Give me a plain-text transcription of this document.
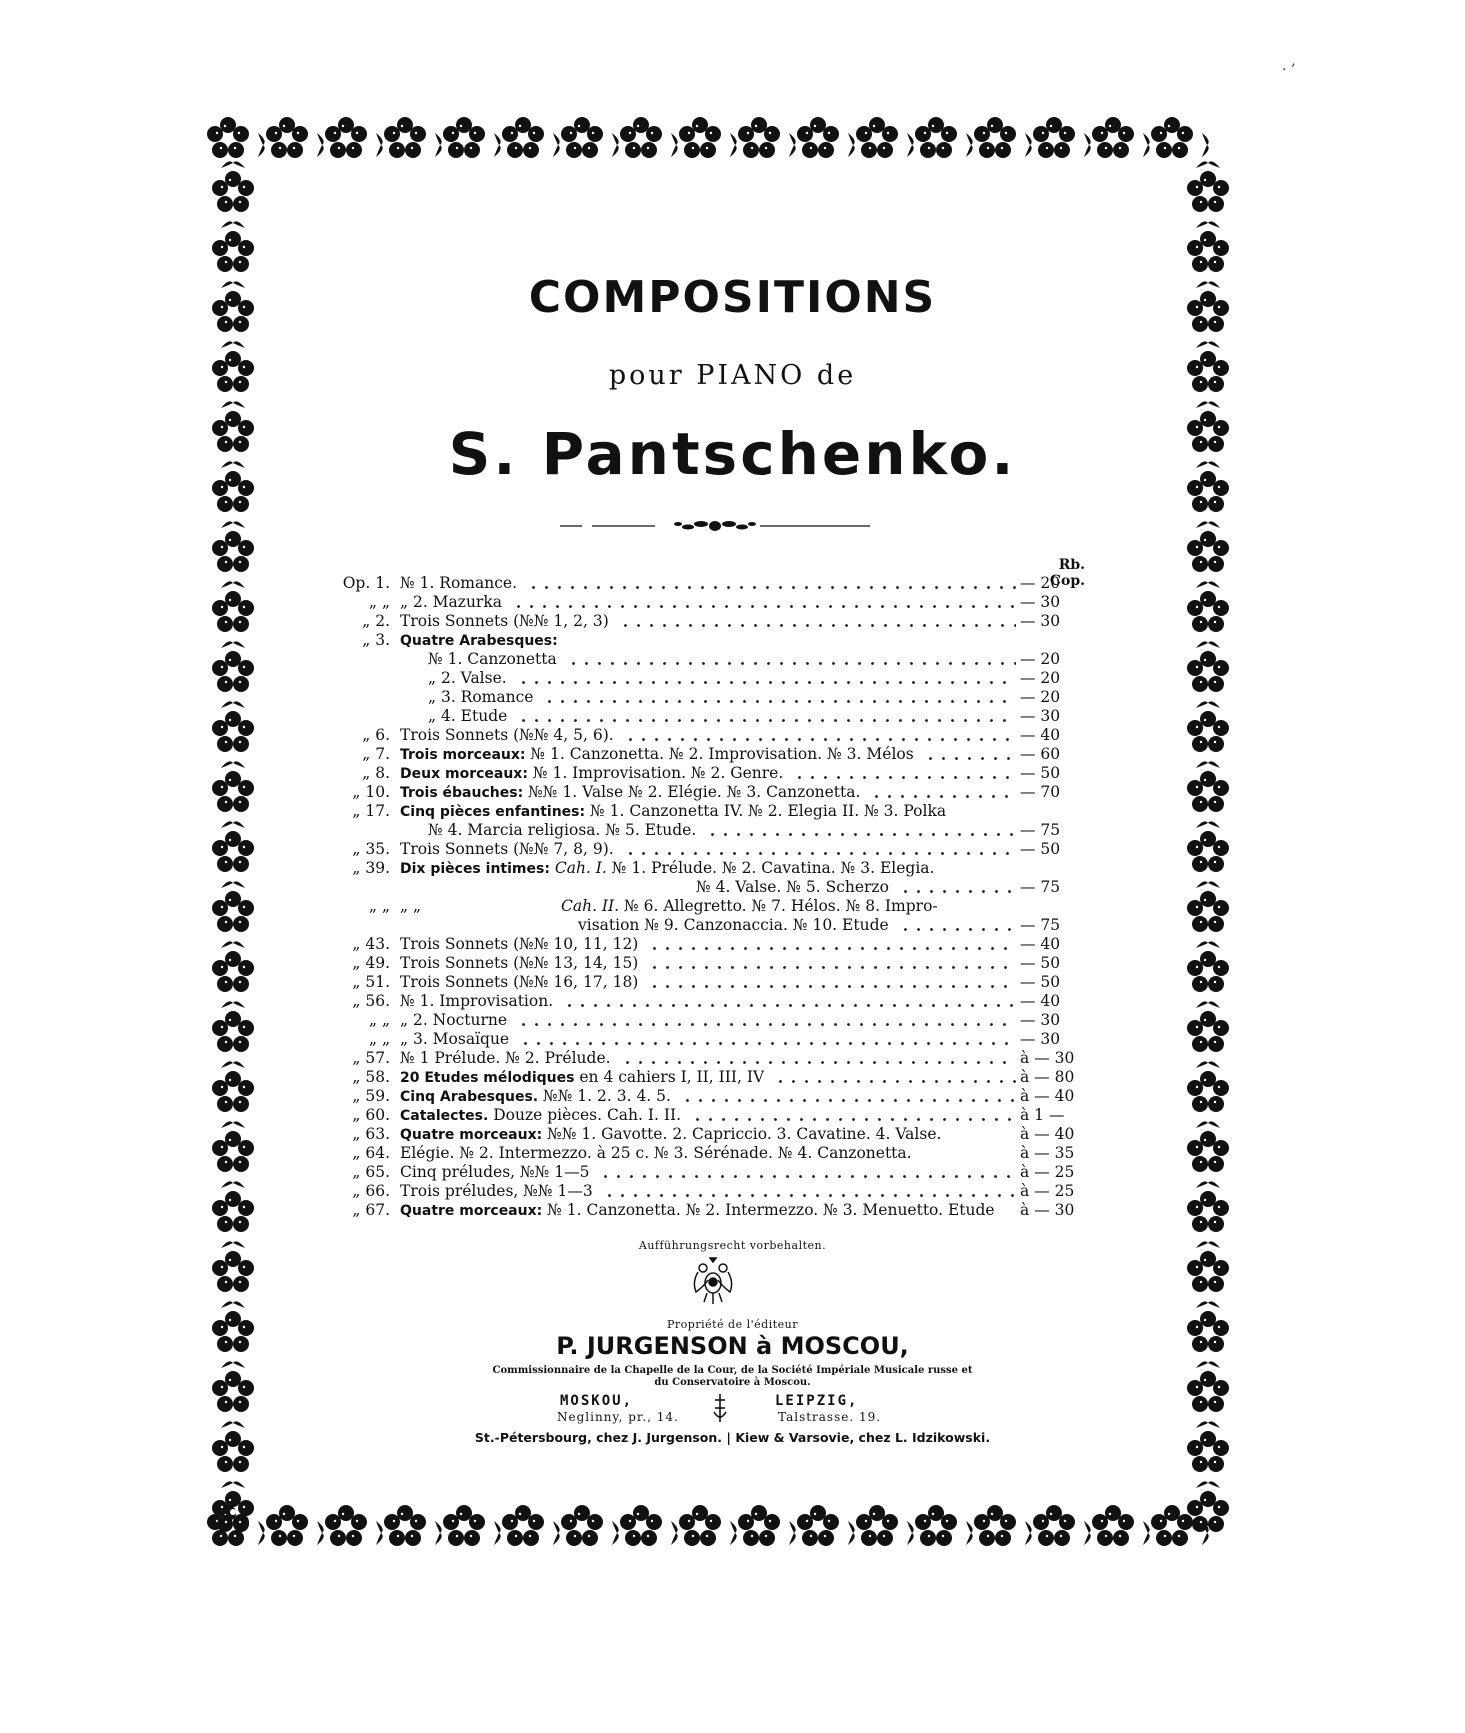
· ’
COMPOSITIONS
pour PIANO de
S. Pantschenko.
Rb. Cop.
Op. 1. № 1. Romance.	— 20
„ „ „ 2. Mazurka	— 30
„ 2. Trois Sonnets (№№ 1, 2, 3)	— 30
„ 3. Quatre Arabesques:
№ 1. Canzonetta	— 20
„ 2. Valse.	— 20
„ 3. Romance	— 20
„ 4. Etude	— 30
„ 6. Trois Sonnets (№№ 4, 5, 6).	— 40
„ 7. Trois morceaux: № 1. Canzonetta. № 2. Improvisation. № 3. Mélos	— 60
„ 8. Deux morceaux: № 1. Improvisation. № 2. Genre.	— 50
„ 10. Trois ébauches: №№ 1. Valse № 2. Elégie. № 3. Canzonetta.	— 70
„ 17. Cinq pièces enfantines: № 1. Canzonetta IV. № 2. Elegia II. № 3. Polka
№ 4. Marcia religiosa. № 5. Etude.	— 75
„ 35. Trois Sonnets (№№ 7, 8, 9).	— 50
„ 39. Dix pièces intimes: Cah. I. № 1. Prélude. № 2. Cavatina. № 3. Elegia.
№ 4. Valse. № 5. Scherzo	— 75
„ „ „ „	Cah. II. № 6. Allegretto. № 7. Hélos. № 8. Impro-
visation № 9. Canzonaccia. № 10. Etude	— 75
„ 43. Trois Sonnets (№№ 10, 11, 12)	— 40
„ 49. Trois Sonnets (№№ 13, 14, 15)	— 50
„ 51. Trois Sonnets (№№ 16, 17, 18)	— 50
„ 56. № 1. Improvisation.	— 40
„ „ „ 2. Nocturne	— 30
„ „ „ 3. Mosaïque	— 30
„ 57. № 1 Prélude. № 2. Prélude.	à — 30
„ 58. 20 Etudes mélodiques en 4 cahiers I, II, III, IV	à — 80
„ 59. Cinq Arabesques. №№ 1. 2. 3. 4. 5.	à — 40
„ 60. Catalectes. Douze pièces. Cah. I. II.	à 1 —
„ 63. Quatre morceaux: №№ 1. Gavotte. 2. Capriccio. 3. Cavatine. 4. Valse.	à — 40
„ 64. Elégie. № 2. Intermezzo. à 25 c. № 3. Sérénade. № 4. Canzonetta.	à — 35
„ 65. Cinq préludes, №№ 1—5	à — 25
„ 66. Trois préludes, №№ 1—3	à — 25
„ 67. Quatre morceaux: № 1. Canzonetta. № 2. Intermezzo. № 3. Menuetto. Etude à — 30
Aufführungsrecht vorbehalten.
Propriété de l'éditeur
P. JURGENSON à MOSCOU,
Commissionnaire de la Chapelle de la Cour, de la Société Impériale Musicale russe et
du Conservatoire à Moscou.
MOSKOU,	LEIPZIG,
Neglinny, pr., 14.	Talstrasse. 19.
St.-Pétersbourg, chez J. Jurgenson. | Kiew & Varsovie, chez L. Idzikowski.
